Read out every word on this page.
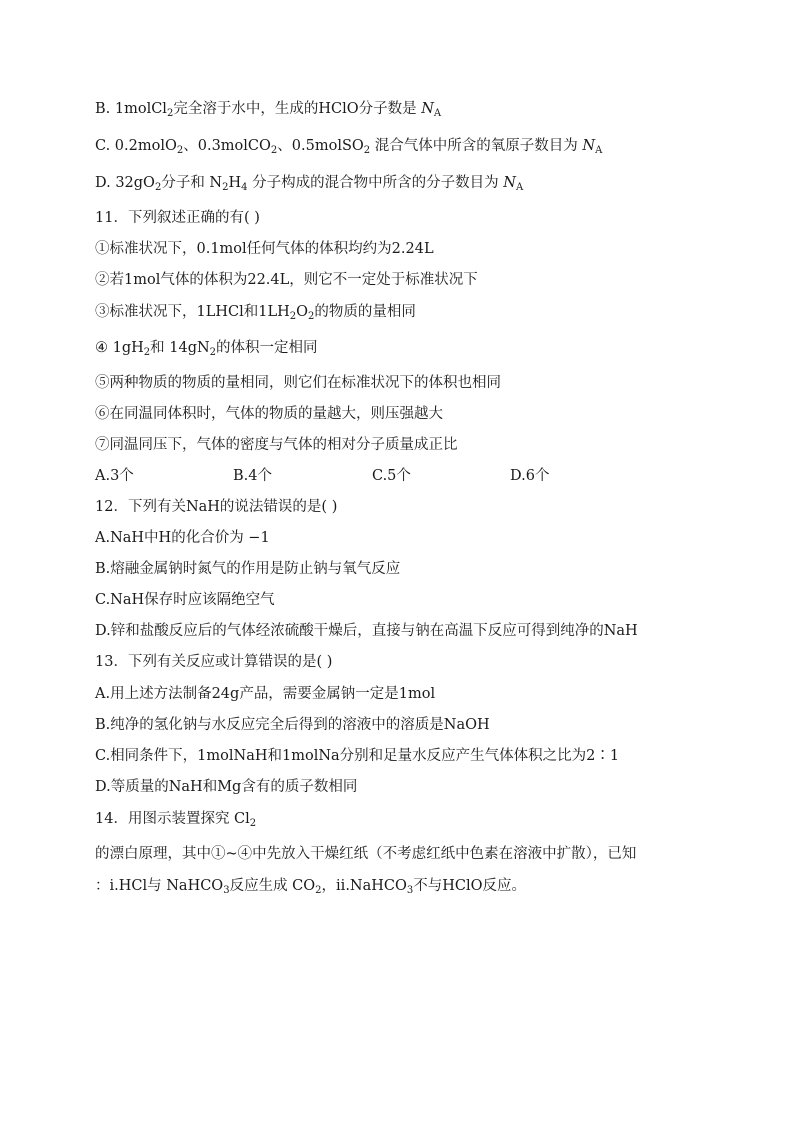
B. 1molCl$_2$完全溶于水中，生成的HClO分子数是 $N_A$
C. 0.2molO$_2$、0.3molCO$_2$、0.5molSO$_2$ 混合气体中所含的氧原子数目为 $N_A$
D. $32gO_2$分子和 $N_2H_4$ 分子构成的混合物中所含的分子数目为 $N_A$
11．下列叙述正确的有( )
①标准状况下，0.1mol任何气体的体积均约为2.24L
②若1mol气体的体积为22.4L，则它不一定处于标准状况下
③标准状况下，1LHCl和$1LH_2O_2$的物质的量相同
④ $1gH_2$和 $14gN_2$的体积一定相同
⑤两种物质的物质的量相同，则它们在标准状况下的体积也相同
⑥在同温同体积时，气体的物质的量越大，则压强越大
⑦同温同压下，气体的密度与气体的相对分子质量成正比
A.3个	B.4个	C.5个	D.6个
12．下列有关NaH的说法错误的是( )
A.NaH中H的化合价为 −1
B.熔融金属钠时氮气的作用是防止钠与氧气反应
C.NaH保存时应该隔绝空气
D.锌和盐酸反应后的气体经浓硫酸干燥后，直接与钠在高温下反应可得到纯净的NaH
13．下列有关反应或计算错误的是( )
A.用上述方法制备24g产品，需要金属钠一定是1mol
B.纯净的氢化钠与水反应完全后得到的溶液中的溶质是NaOH
C.相同条件下，1molNaH和1molNa分别和足量水反应产生气体体积之比为2∶1
D.等质量的NaH和Mg含有的质子数相同
14．用图示装置探究 $Cl_2$
的漂白原理，其中①~④中先放入干燥红纸（不考虑红纸中色素在溶液中扩散），已知
：ⅰ.HCl与 NaHCO$_3$反应生成 $CO_2$，ⅱ.NaHCO$_3$不与HClO反应。
